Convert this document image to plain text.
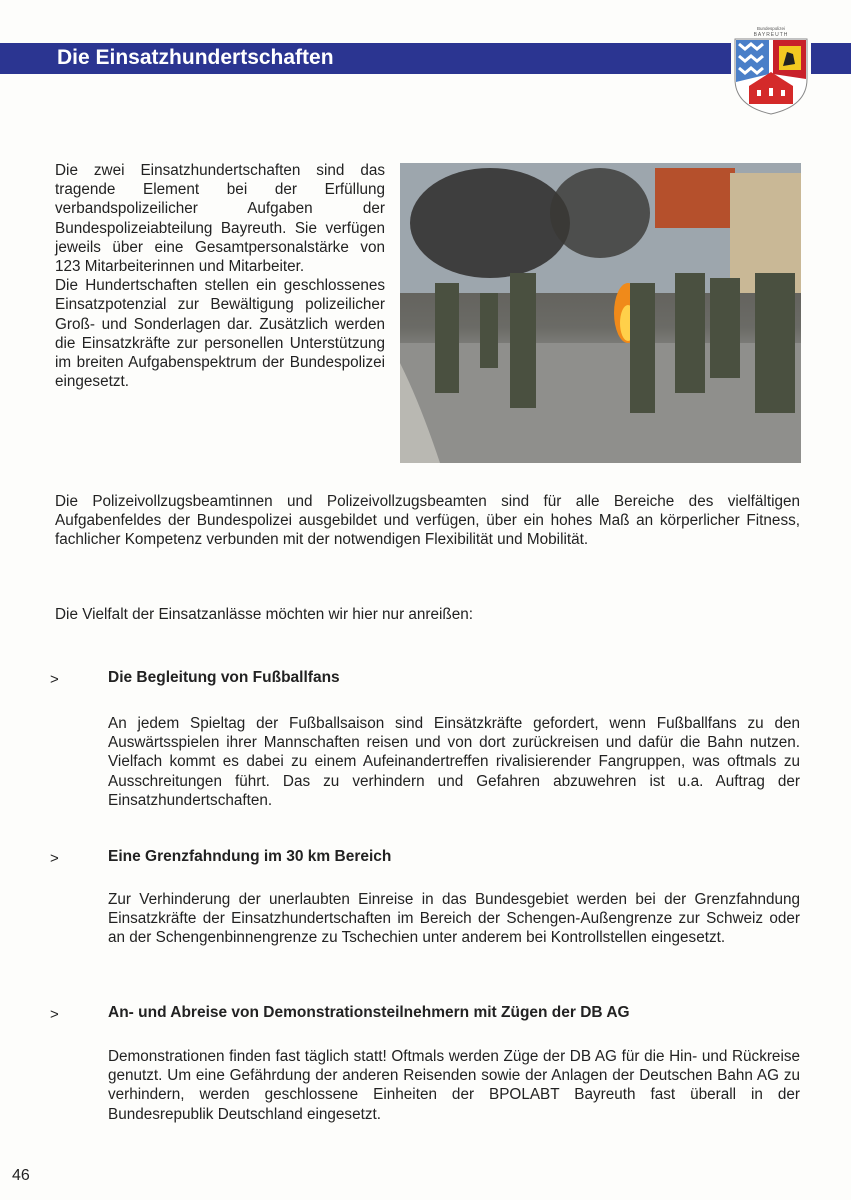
Die Einsatzhundertschaften
Bundespolizei
BAYREUTH
Die zwei Einsatzhundertschaften sind das tragende Element bei der Erfüllung verbandspolizeilicher Aufgaben der Bundespolizeiabteilung Bayreuth. Sie verfügen jeweils über eine Gesamtpersonalstärke von 123 Mitarbeiterinnen und Mitarbeiter.
Die Hundertschaften stellen ein geschlossenes Einsatzpotenzial zur Bewältigung polizeilicher Groß- und Sonderlagen dar. Zusätzlich werden die Einsatzkräfte zur personellen Unterstützung im breiten Aufgabenspektrum der Bundespolizei eingesetzt.
Die Polizeivollzugsbeamtinnen und Polizeivollzugsbeamten sind für alle Bereiche des vielfältigen Aufgabenfeldes der Bundespolizei ausgebildet und verfügen, über ein hohes Maß an körperlicher Fitness, fachlicher Kompetenz verbunden mit der notwendigen Flexibilität und Mobilität.
Die Vielfalt der Einsatzanlässe möchten wir hier nur anreißen:
>	Die Begleitung von Fußballfans
An jedem Spieltag der Fußballsaison sind Einsätzkräfte gefordert, wenn Fußballfans zu den Auswärtsspielen ihrer Mannschaften reisen und von dort zurückreisen und dafür die Bahn nutzen. Vielfach kommt es dabei zu einem Aufeinandertreffen rivalisierender Fangruppen, was oftmals zu Ausschreitungen führt. Das zu verhindern und Gefahren abzuwehren ist u.a. Auftrag der Einsatzhundertschaften.
>	Eine Grenzfahndung im 30 km Bereich
Zur Verhinderung der unerlaubten Einreise in das Bundesgebiet werden bei der Grenzfahndung Einsatzkräfte der Einsatzhundertschaften im Bereich der Schengen-Außengrenze zur Schweiz oder an der Schengenbinnengrenze zu Tschechien unter anderem bei Kontrollstellen eingesetzt.
>	An- und Abreise von Demonstrationsteilnehmern mit Zügen der DB AG
Demonstrationen finden fast täglich statt! Oftmals werden Züge der DB AG für die Hin- und Rückreise genutzt. Um eine Gefährdung der anderen Reisenden sowie der Anlagen der Deutschen Bahn AG zu verhindern, werden geschlossene Einheiten der BPOLABT Bayreuth fast überall in der Bundesrepublik Deutschland eingesetzt.
46
